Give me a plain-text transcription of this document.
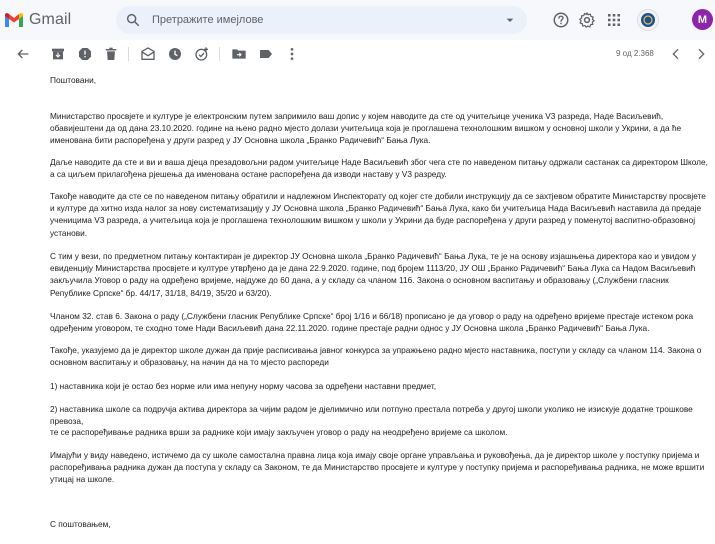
Gmail	Претражите имејлове	M
9 од 2.368

Поштовани,

Министарство просвјете и културе је електронским путем запримило ваш допис у којем наводите да сте од учитељице ученика V3 разреда, Наде Васиљевић, обавијештени да од дана 23.10.2020. године на њено радно мјесто долази учитељица која је проглашена технолошким вишком у основној школи у Укрини, а да ће именована бити распоређена у други разред у ЈУ Основна школа „Бранко Радичевић“ Бања Лука.

Даље наводите да сте и ви и ваша дјеца презадовољни радом учитељице Наде Васиљевић због чега сте по наведеном питању одржали састанак са директором Школе, а са циљем прилагођена рјешења да именована остане распоређена да изводи наставу у V3 разреду.

Такође наводите да сте се по наведеном питању обратили и надлежном Инспекторату од којег сте добили инструкцију да се захтјевом обратите Министарству просвјете и културе да хитно изда налог за нову систематизацију у ЈУ Основна школа „Бранко Радичевић“ Бања Лука, како би учитељица Нада Васиљевић наставила да предаје ученицима V3 разреда, а учитељица која је проглашена технолошким вишком у школи у Укрини да буде распоређена у други разред у поменутој васпитно-образовној установи.

С тим у вези, по предметном питању контактиран је директор ЈУ Основна школа „Бранко Радичевић“ Бања Лука, те је на основу изјашњења директора као и увидом у евиденцију Министарства просвјете и културе утврђено да је дана 22.9.2020. године, под бројем 1113/20, ЈУ ОШ „Бранко Радичевић“ Бања Лука са Надом Васиљевић закључила Уговор о раду на одређено вријеме, најдуже до 60 дана, а у складу са чланом 116. Закона о основном васпитању и образовању („Службени гласник Републике Српске“ бр. 44/17, 31/18, 84/19, 35/20 и 63/20).

Чланом 32. став 6. Закона о раду („Службени гласник Републике Српске“ број 1/16 и 66/18) прописано је да уговор о раду на одређено вријеме престаје истеком рока одређеним уговором, те сходно томе Нади Васиљевић дана 22.11.2020. године престаје радни однос у ЈУ Основна школа „Бранко Радичевић“ Бања Лука.

Такође, указујемо да је директор школе дужан да прије расписивања јавног конкурса за упражњено радно мјесто наставника, поступи у складу са чланом 114. Закона о основном васпитању и образовању, на начин да на то мјесто распореди

1) наставника који је остао без норме или има непуну норму часова за одређени наставни предмет,

2) наставника школе са подручја актива директора за чијим радом је дјелимично или потпуно престала потреба у другој школи уколико не изискује додатне трошкове превоза,

те се распоређивање радника врши за раднике који имају закључен уговор о раду на неодређено вријеме са школом.

Имајући у виду наведено, истичемо да су школе самостална правна лица која имају своје органе управљања и руковођења, да је директор школе у поступку пријема и распоређивања радника дужан да поступа у складу са Законом, те да Министарство просвјете и културе у поступку пријема и распоређивања радника, не може вршити утицај на школе.

С поштовањем,
